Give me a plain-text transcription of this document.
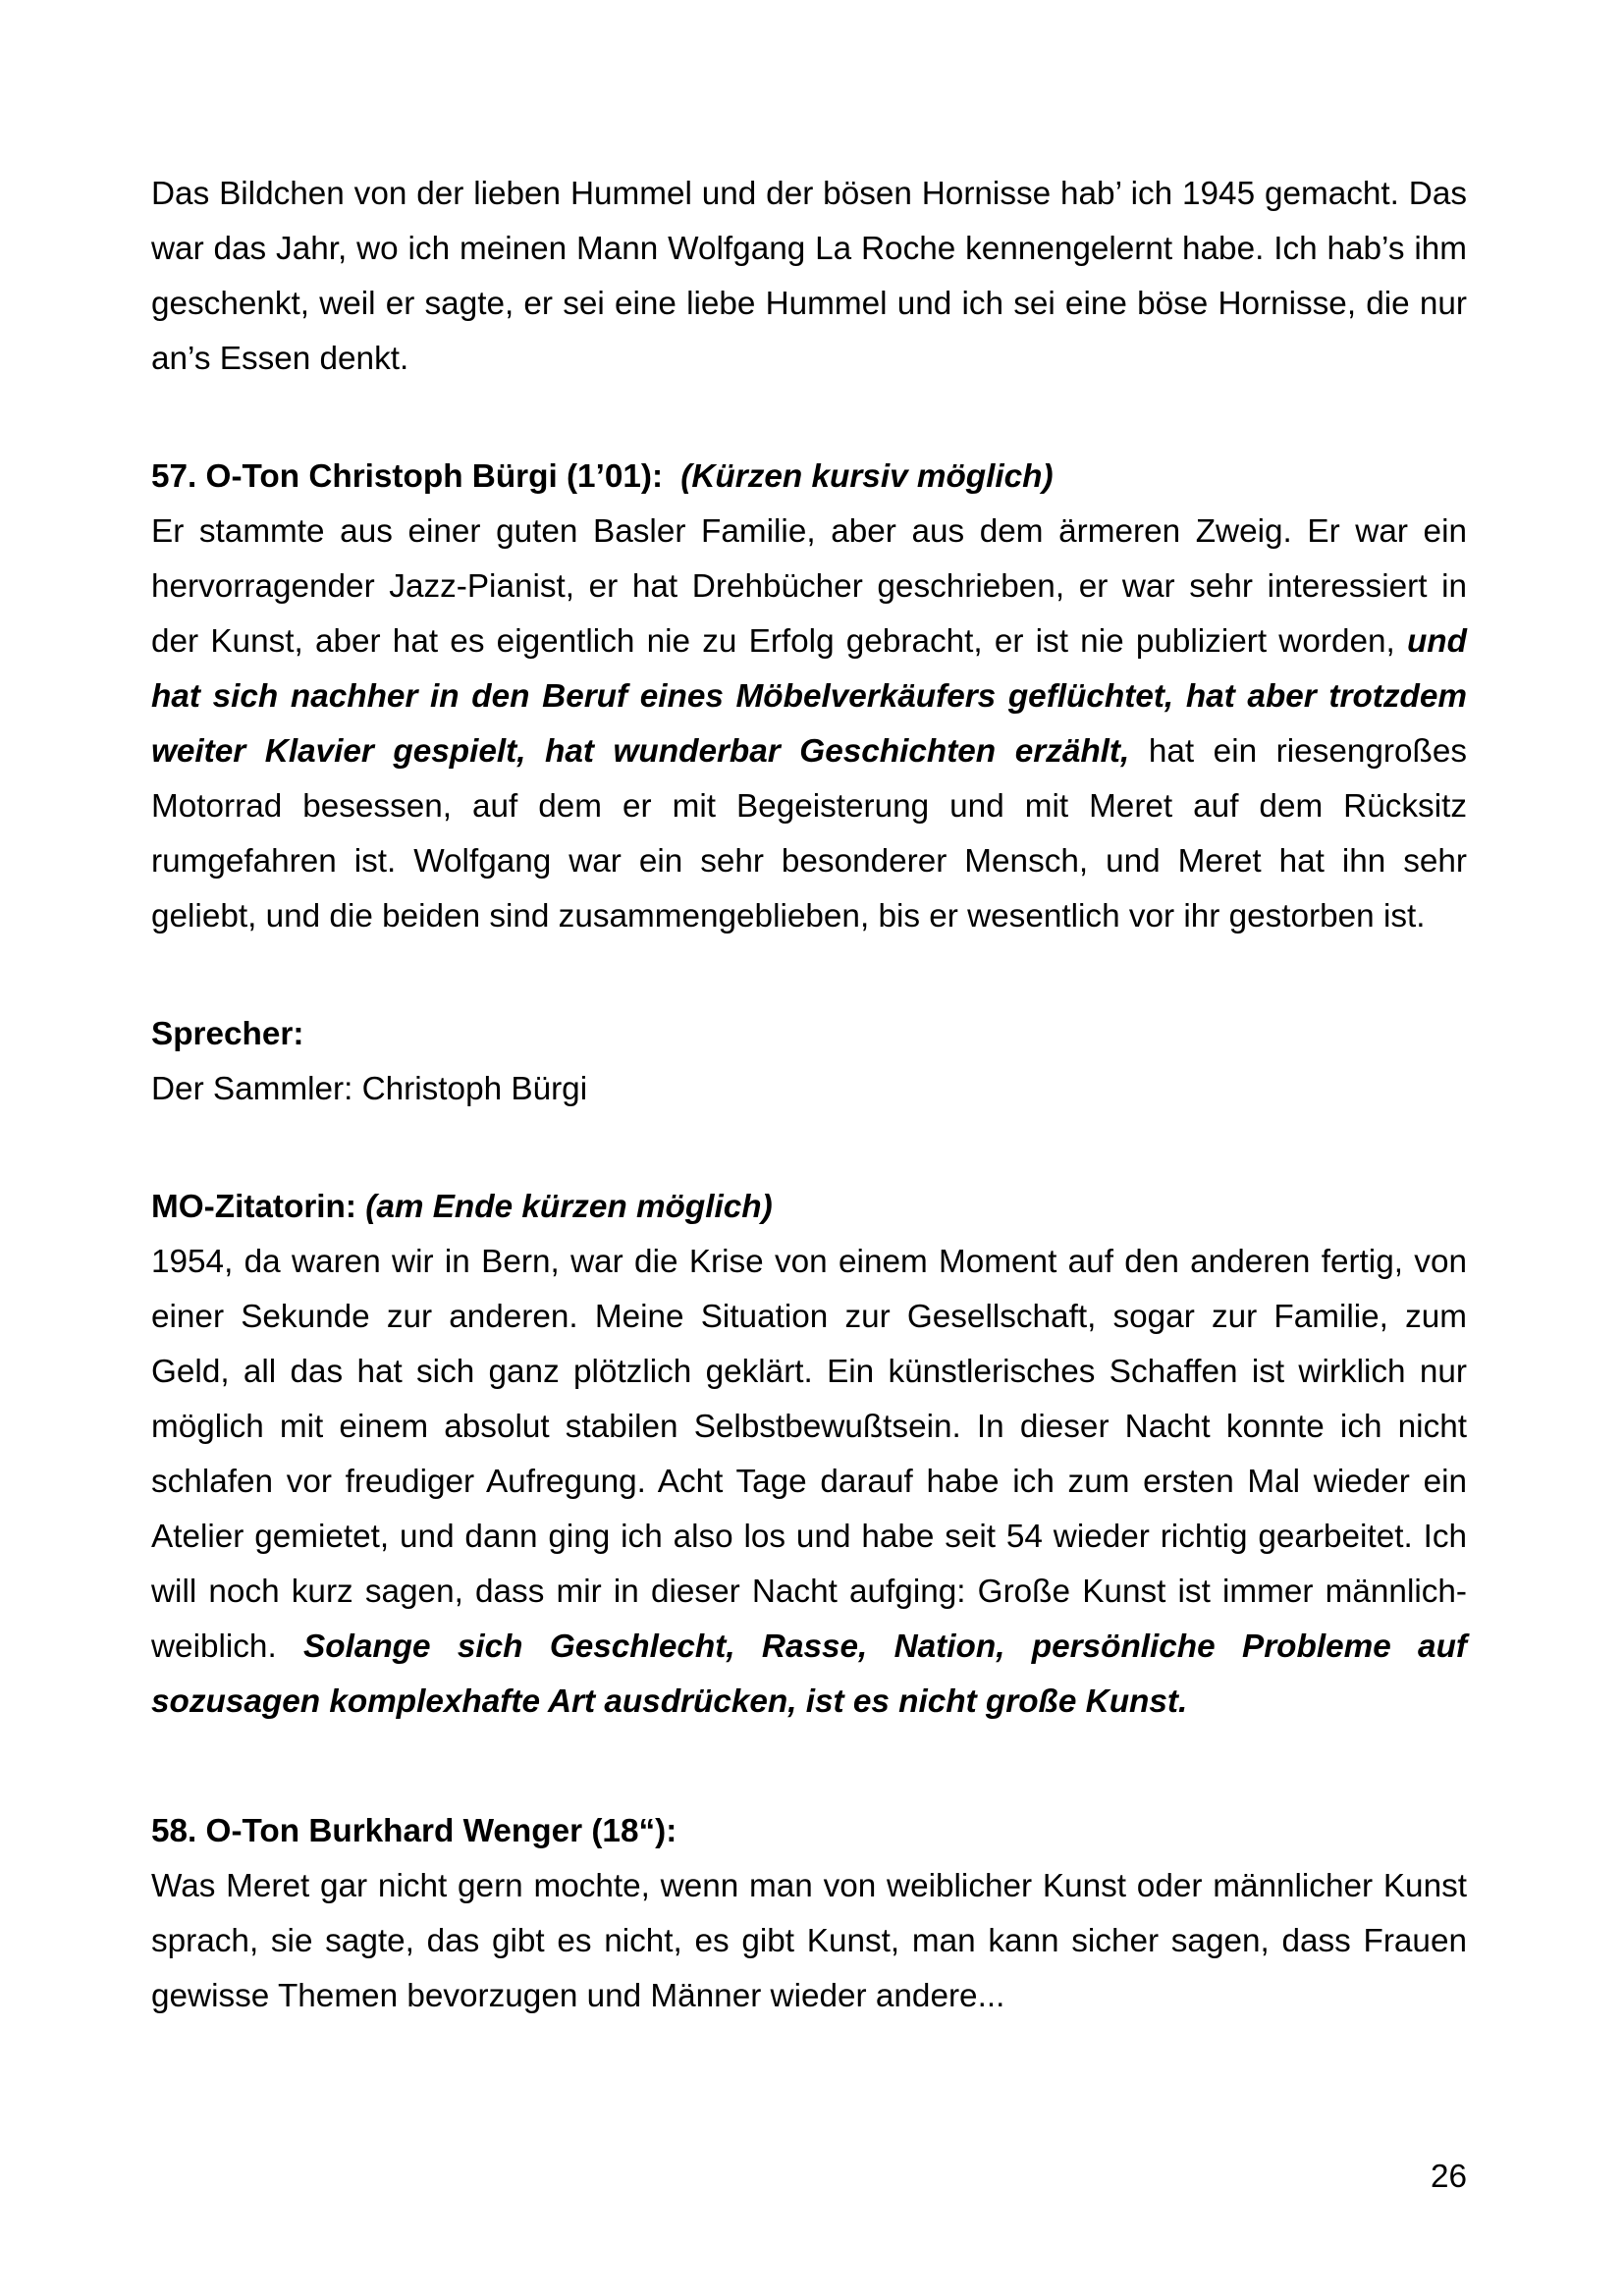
Das Bildchen von der lieben Hummel und der bösen Hornisse hab’ ich 1945 gemacht. Das war das Jahr, wo ich meinen Mann Wolfgang La Roche kennengelernt habe. Ich hab’s ihm geschenkt, weil er sagte, er sei eine liebe Hummel und ich sei eine böse Hornisse, die nur an’s Essen denkt.

57. O-Ton Christoph Bürgi (1’01): (Kürzen kursiv möglich)

Er stammte aus einer guten Basler Familie, aber aus dem ärmeren Zweig. Er war ein hervorragender Jazz-Pianist, er hat Drehbücher geschrieben, er war sehr interessiert in der Kunst, aber hat es eigentlich nie zu Erfolg gebracht, er ist nie publiziert worden, und hat sich nachher in den Beruf eines Möbelverkäufers geflüchtet, hat aber trotzdem weiter Klavier gespielt, hat wunderbar Geschichten erzählt, hat ein riesengroßes Motorrad besessen, auf dem er mit Begeisterung und mit Meret auf dem Rücksitz rumgefahren ist. Wolfgang war ein sehr besonderer Mensch, und Meret hat ihn sehr geliebt, und die beiden sind zusammengeblieben, bis er wesentlich vor ihr gestorben ist.

Sprecher:

Der Sammler: Christoph Bürgi

MO-Zitatorin: (am Ende kürzen möglich)

1954, da waren wir in Bern, war die Krise von einem Moment auf den anderen fertig, von einer Sekunde zur anderen. Meine Situation zur Gesellschaft, sogar zur Familie, zum Geld, all das hat sich ganz plötzlich geklärt. Ein künstlerisches Schaffen ist wirklich nur möglich mit einem absolut stabilen Selbstbewußtsein. In dieser Nacht konnte ich nicht schlafen vor freudiger Aufregung. Acht Tage darauf habe ich zum ersten Mal wieder ein Atelier gemietet, und dann ging ich also los und habe seit 54 wieder richtig gearbeitet. Ich will noch kurz sagen, dass mir in dieser Nacht aufging: Große Kunst ist immer männlich-weiblich. Solange sich Geschlecht, Rasse, Nation, persönliche Probleme auf sozusagen komplexhafte Art ausdrücken, ist es nicht große Kunst.

58. O-Ton Burkhard Wenger (18“):

Was Meret gar nicht gern mochte, wenn man von weiblicher Kunst oder männlicher Kunst sprach, sie sagte, das gibt es nicht, es gibt Kunst, man kann sicher sagen, dass Frauen gewisse Themen bevorzugen und Männer wieder andere...

26
